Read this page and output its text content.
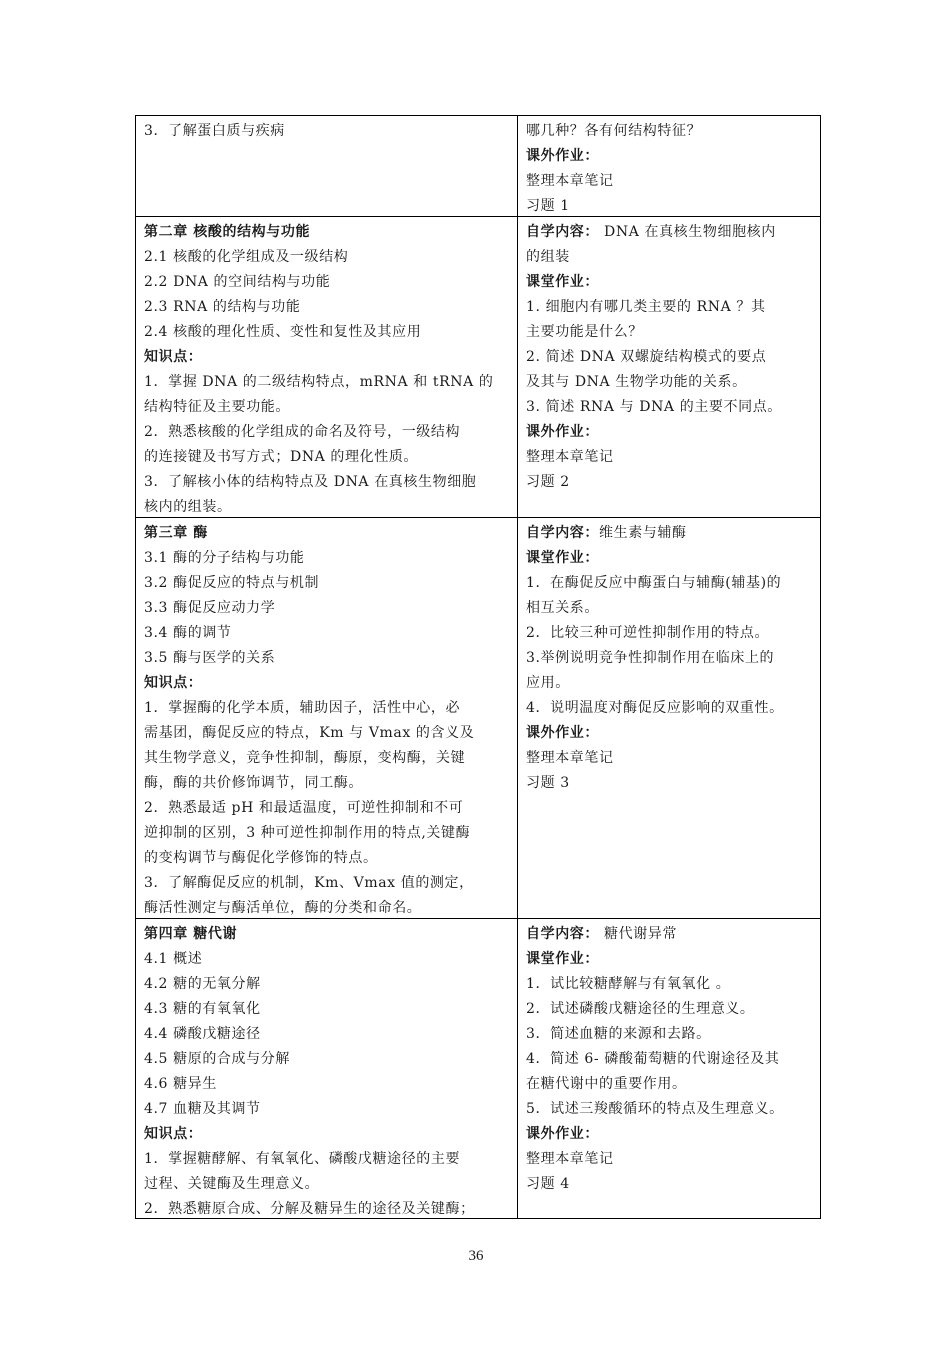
3．了解蛋白质与疾病	哪几种？各有何结构特征？
课外作业：
整理本章笔记
习题 1
第二章 核酸的结构与功能
2.1 核酸的化学组成及一级结构
2.2 DNA 的空间结构与功能
2.3 RNA 的结构与功能
2.4 核酸的理化性质、变性和复性及其应用
知识点：
1．掌握 DNA 的二级结构特点，mRNA 和 tRNA 的
结构特征及主要功能。
2．熟悉核酸的化学组成的命名及符号，一级结构
的连接键及书写方式；DNA 的理化性质。
3．了解核小体的结构特点及 DNA 在真核生物细胞
核内的组装。
自学内容： DNA 在真核生物细胞核内
的组装
课堂作业：
1. 细胞内有哪几类主要的 RNA ？其
主要功能是什么？
2. 简述 DNA 双螺旋结构模式的要点
及其与 DNA 生物学功能的关系。
3. 简述 RNA 与 DNA 的主要不同点。
课外作业：
整理本章笔记
习题 2
第三章 酶
3.1 酶的分子结构与功能
3.2 酶促反应的特点与机制
3.3 酶促反应动力学
3.4 酶的调节
3.5 酶与医学的关系
知识点：
1．掌握酶的化学本质，辅助因子，活性中心，必
需基团，酶促反应的特点，Km 与 Vmax 的含义及
其生物学意义，竞争性抑制，酶原，变构酶，关键
酶，酶的共价修饰调节，同工酶。
2．熟悉最适 pH 和最适温度，可逆性抑制和不可
逆抑制的区别，3 种可逆性抑制作用的特点,关键酶
的变构调节与酶促化学修饰的特点。
3．了解酶促反应的机制，Km、Vmax 值的测定，
酶活性测定与酶活单位，酶的分类和命名。
自学内容：维生素与辅酶
课堂作业：
1．在酶促反应中酶蛋白与辅酶(辅基)的
相互关系。
2．比较三种可逆性抑制作用的特点。
3.举例说明竞争性抑制作用在临床上的
应用。
4．说明温度对酶促反应影响的双重性。
课外作业：
整理本章笔记
习题 3
第四章 糖代谢
4.1 概述
4.2 糖的无氧分解
4.3 糖的有氧氧化
4.4 磷酸戊糖途径
4.5 糖原的合成与分解
4.6 糖异生
4.7 血糖及其调节
知识点：
1．掌握糖酵解、有氧氧化、磷酸戊糖途径的主要
过程、关键酶及生理意义。
2．熟悉糖原合成、分解及糖异生的途径及关键酶；
自学内容： 糖代谢异常
课堂作业：
1．试比较糖酵解与有氧氧化 。
2．试述磷酸戊糖途径的生理意义。
3．简述血糖的来源和去路。
4．简述 6- 磷酸葡萄糖的代谢途径及其
在糖代谢中的重要作用。
5．试述三羧酸循环的特点及生理意义。
课外作业：
整理本章笔记
习题 4
36
